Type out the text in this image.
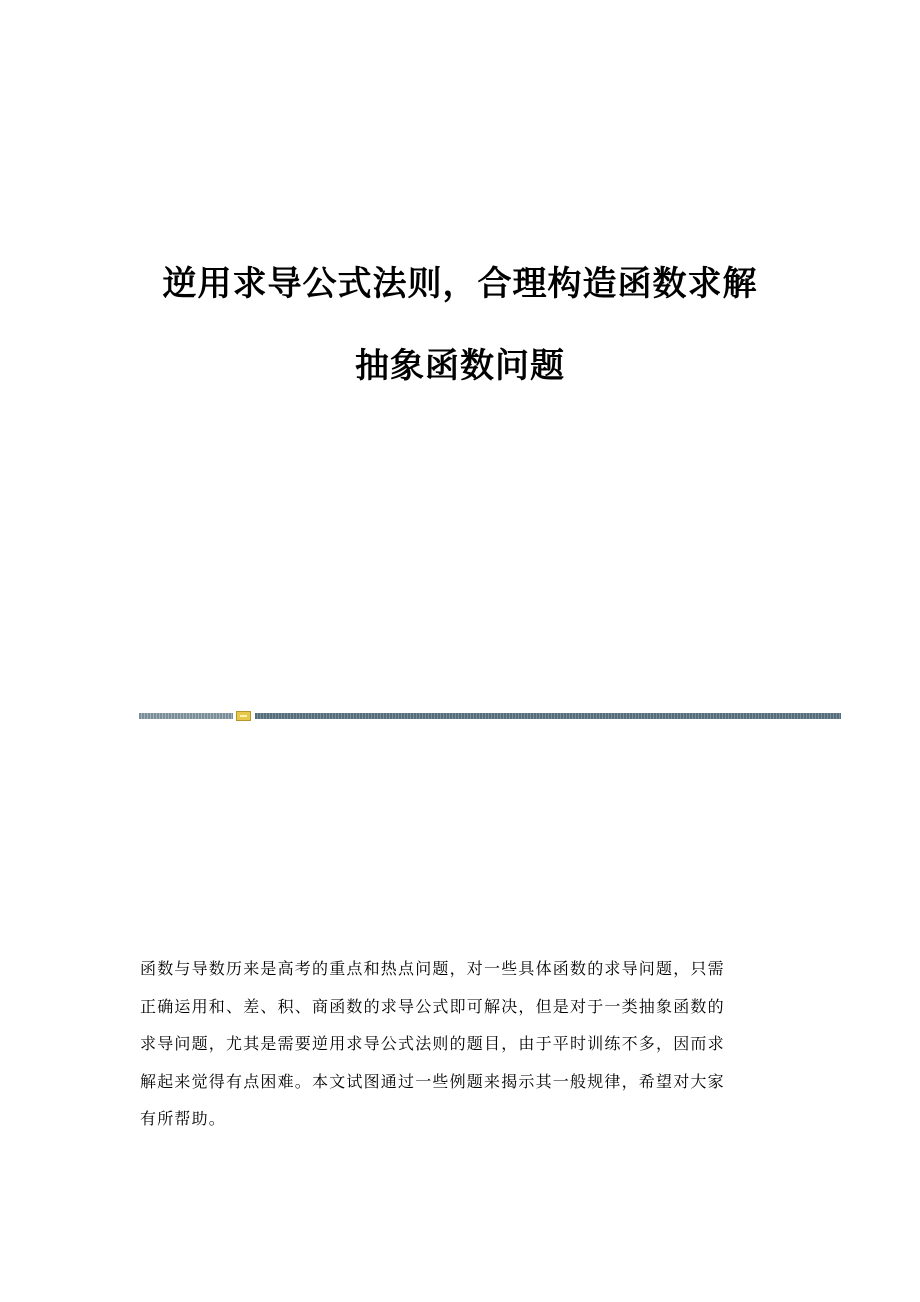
逆用求导公式法则，合理构造函数求解

抽象函数问题

函数与导数历来是高考的重点和热点问题，对一些具体函数的求导问题，只需
正确运用和、差、积、商函数的求导公式即可解决，但是对于一类抽象函数的
求导问题，尤其是需要逆用求导公式法则的题目，由于平时训练不多，因而求
解起来觉得有点困难。本文试图通过一些例题来揭示其一般规律，希望对大家
有所帮助。
